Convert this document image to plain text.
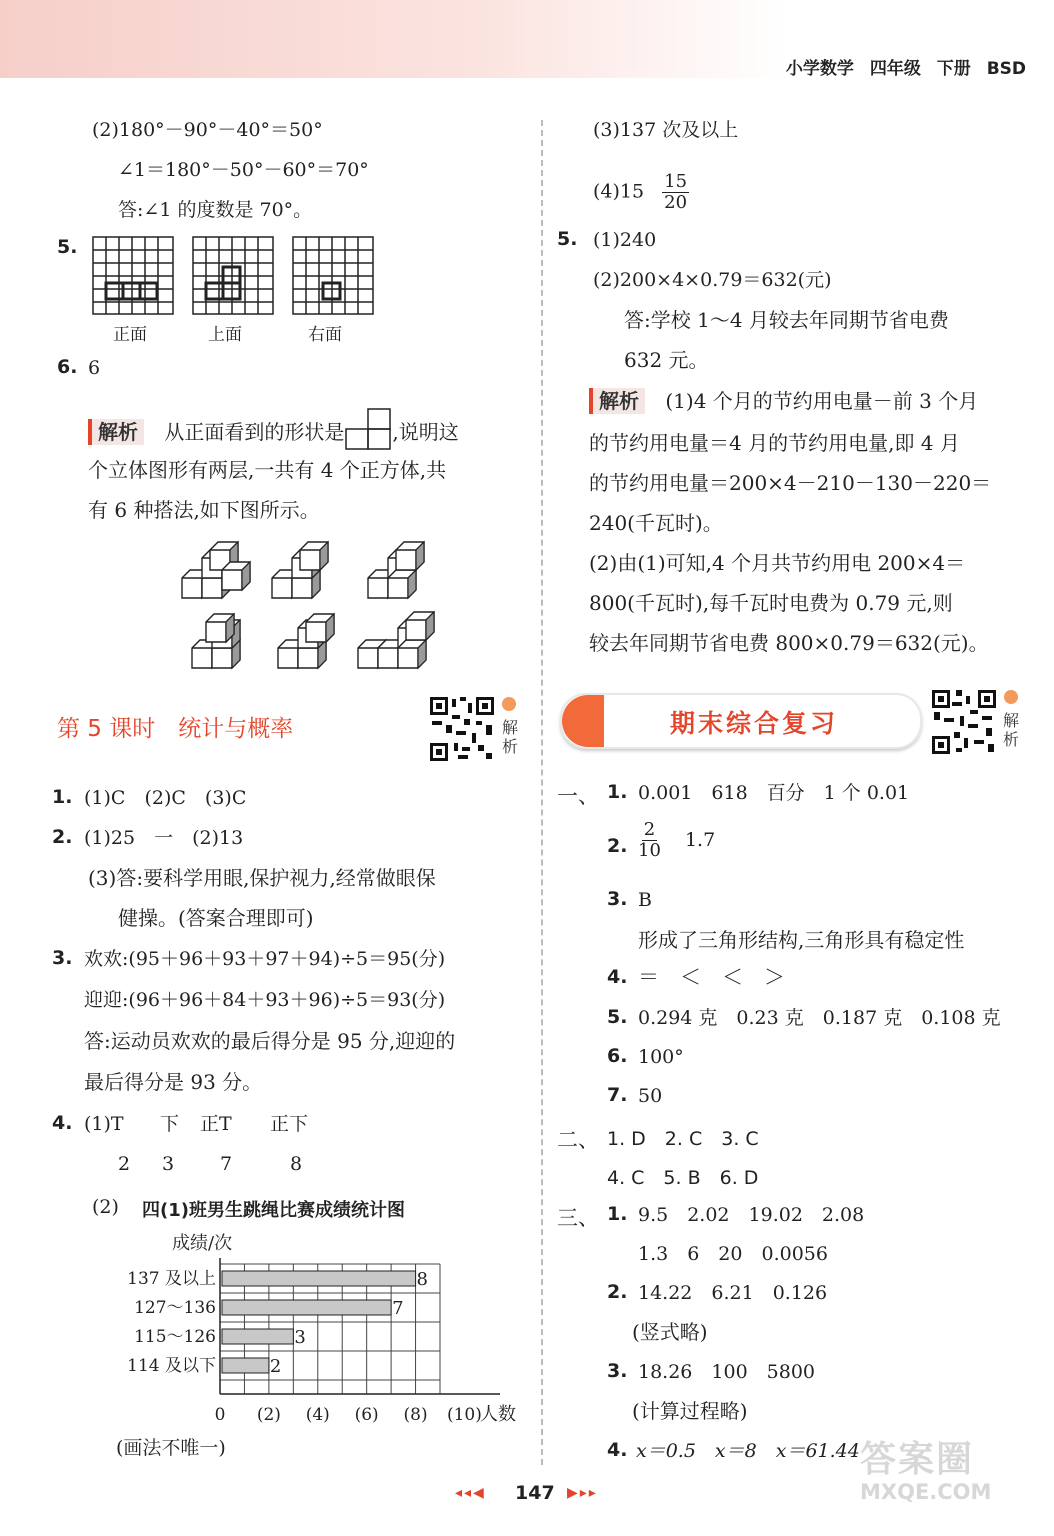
小学数学 四年级 下册 BSD
(2)180°－90°－40°＝50°
∠1＝180°－50°－60°＝70°
答:∠1 的度数是 70°。
5.
正面	上面	右面
6. 6
解析 从正面看到的形状是 ,说明这
个立体图形有两层,一共有 4 个正方体,共
有 6 种搭法,如下图所示。
第 5 课时　统计与概率	解析
1. (1)C　(2)C　(3)C
2. (1)25　一　(2)13
(3)答:要科学用眼,保护视力,经常做眼保
健操。(答案合理即可)
3. 欢欢:(95＋96＋93＋97＋94)÷5＝95(分)
迎迎:(96＋96＋84＋93＋96)÷5＝93(分)
答:运动员欢欢的最后得分是 95 分,迎迎的
最后得分是 93 分。
4. (1)T 下 正T 正下
2 3 7	8
(2) 四(1)班男生跳绳比赛成绩统计图
成绩/次
137 及以上	8
127～136	7
115～126	3
114 及以下	2
0 (2) (4) (6) (8) (10)
人数
(画法不唯一)
(3)137 次及以上
$(4)15 \frac{15}{20}$
5. (1)240
(2)200×4×0.79＝632(元)
答:学校 1～4 月较去年同期节省电费
632 元。
解析 (1)4 个月的节约用电量－前 3 个月
的节约用电量＝4 月的节约用电量,即 4 月
的节约用电量＝200×4－210－130－220＝
240(千瓦时)。
(2)由(1)可知,4 个月共节约用电 200×4＝
800(千瓦时),每千瓦时电费为 0.79 元,则
较去年同期节省电费 800×0.79＝632(元)。
期末综合复习	解析
一、 1. 0.001　618　百分　1 个 0.01
2. $\frac{2}{10} 1.7$
3. B
形成了三角形结构,三角形具有稳定性
4. ＝　＜　＜　＞
5. 0.294 克　0.23 克　0.187 克　0.108 克
6. 100°
7. 50
二、 1. D　2. C　3. C
4. C　5. B　6. D
三、 1. 9.5　2.02　19.02　2.08
1.3　6　20　0.0056
2. 14.22　6.21　0.126
(竖式略)
3. 18.26　100　5800
(计算过程略)
4. x＝0.5　x＝8　x＝61.44 答案圈
MXQE.COM
◂◂◀ 147 ▶▸▸
